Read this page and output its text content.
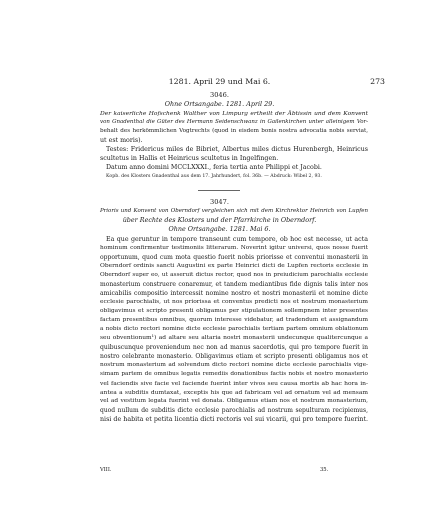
1281. April 29 und Mai 6.	273
3046.
Ohne Ortsangabe. 1281. April 29.
Der kaiserliche Hofschenk Walther von Limpurg ertheilt der Äbtissin und dem Konvent
von Gnadenthal die Güter des Hermann Seidenschwanz in Gailenkirchen unter alleinigem Vor-
behalt des herkömmlichen Vogtrechts (quod in eisdem bonis nostra advocatia nobis serviat,
ut est moris).
Testes: Fridericus miles de Bibriet, Albertus miles dictus Hurenbergh, Heinricus
scultetus in Hallis et Heinricus scultetus in Ingelfingen.
Datum anno domini MCCLXXXI., feria tertia ante Philippi et Jacobi.
Kopb. des Klosters Gnadenthal aus dem 17. Jahrhundert, fol. 36b. — Abdruck: Wibel 2, 93.
3047.
Prioris und Konvent von Oberndorf vergleichen sich mit dem Kirchrektor Heinrich von Lupfen
über Rechte des Klosters und der Pfarrkirche in Oberndorf.
Ohne Ortsangabe. 1281. Mai 6.
Ea que geruntur in tempore transeunt cum tempore, ob hoc est necesse, ut acta
hominum confirmentur testimoniis litterarum. Noverint igitur universi, quos nosse fuerit
opportunum, quod cum mota questio fuerit nobis priorisse et conventui monasterii in
Oberndorf ordinis sancti Augustini ex parte Heinrici dicti de Lupfen rectoris ecclesie in
Oberndorf super eo, ut asseruit dictus rector, quod nos in preiudicium parochialis ecclesie
monasterium construere conaremur, et tandem mediantibus fide dignis talis inter nos
amicabilis compositio intercessit nomine nostro et nostri monasterii et nomine dicte
ecclesie parochialis, ut nos priorissa et conventus predicti nos et nostrum monasterium
obligavimus et scripto presenti obligamus per stipulationem sollempnem inter presentes
factam presentibus omnibus, quorum interesse videbatur, ad tradendum et assignandum
a nobis dicto rectori nomine dicte ecclesie parochialis tertiam partem omnium oblationum
seu obventionum¹) ad altare seu altaria nostri monasterii undecunque qualitercunque a
quibuscunque proveniendum nec non ad manus sacerdotis, qui pro tempore fuerit in
nostro celebrante monasterio. Obligavimus etiam et scripto presenti obligamus nos et
nostrum monasterium ad solvendum dicto rectori nomine dicte ecclesie parochialis vige-
simam partem de omnibus legatis remediis donationibus factis nobis et nostro monasterio
vel faciendis sive facie vel faciende fuerint inter vivos seu causa mortis ab hac hora in-
antea a subditis dumtaxat, exceptis his que ad fabricam vel ad ornatum vel ad mensam
vel ad vestitum legata fuerint vel donata. Obligamus etiam nos et nostrum monasterium,
quod nullum de subditis dicte ecclesie parochialis ad nostrum sepulturam recipiemus,
nisi de habita et petita licentia dicti rectoris vel sui vicarii, qui pro tempore fuerint.
VIII.	35.
